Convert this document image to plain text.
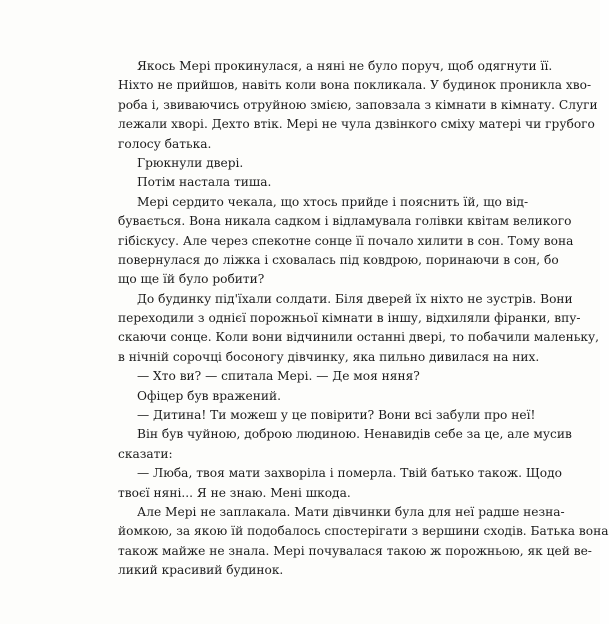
Якось Мері прокинулася, а няні не було поруч, щоб одягнути її.
Ніхто не прийшов, навіть коли вона покликала. У будинок проникла хво-
роба і, звиваючись отруйною змією, заповзала з кімнати в кімнату. Слуги
лежали хворі. Дехто втік. Мері не чула дзвінкого сміху матері чи грубого
голосу батька.
Грюкнули двері.
Потім настала тиша.
Мері сердито чекала, що хтось прийде і пояснить їй, що від-
бувається. Вона никала садком і відламувала голівки квітам великого
гібіскусу. Але через спекотне сонце її почало хилити в сон. Тому вона
повернулася до ліжка і сховалась під ковдрою, поринаючи в сон, бо
що ще їй було робити?
До будинку під'їхали солдати. Біля дверей їх ніхто не зустрів. Вони
переходили з однієї порожньої кімнати в іншу, відхиляли фіранки, впу-
скаючи сонце. Коли вони відчинили останні двері, то побачили маленьку,
в нічній сорочці босоногу дівчинку, яка пильно дивилася на них.
— Хто ви? — спитала Мері. — Де моя няня?
Офіцер був вражений.
— Дитина! Ти можеш у це повірити? Вони всі забули про неї!
Він був чуйною, доброю людиною. Ненавидів себе за це, але мусив
сказати:
— Люба, твоя мати захворіла і померла. Твій батько також. Щодо
твоєї няні... Я не знаю. Мені шкода.
Але Мері не заплакала. Мати дівчинки була для неї радше незна-
йомкою, за якою їй подобалось спостерігати з вершини сходів. Батька вона
також майже не знала. Мері почувалася такою ж порожньою, як цей ве-
ликий красивий будинок.
